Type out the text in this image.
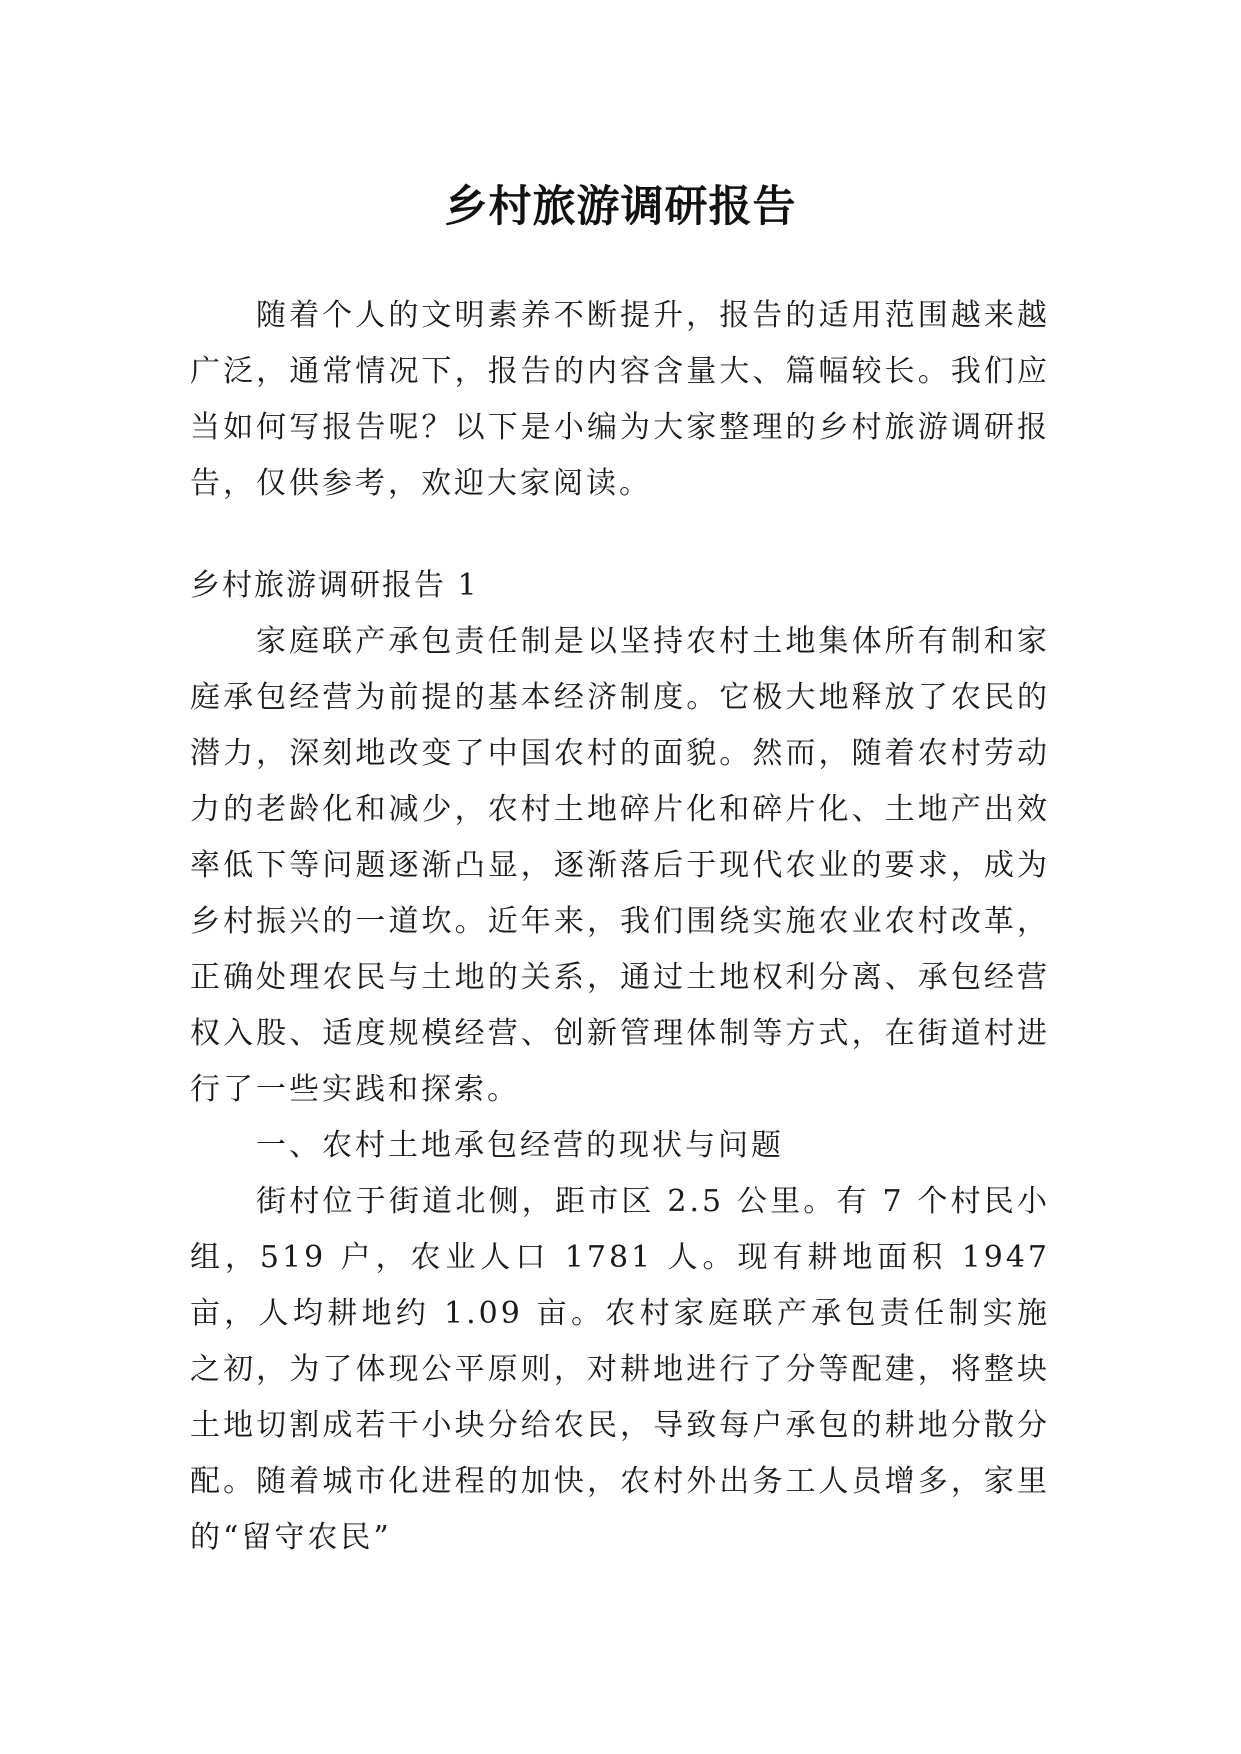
乡村旅游调研报告

随着个人的文明素养不断提升，报告的适用范围越来越广泛，通常情况下，报告的内容含量大、篇幅较长。我们应当如何写报告呢？以下是小编为大家整理的乡村旅游调研报告，仅供参考，欢迎大家阅读。

乡村旅游调研报告 1

家庭联产承包责任制是以坚持农村土地集体所有制和家庭承包经营为前提的基本经济制度。它极大地释放了农民的潜力，深刻地改变了中国农村的面貌。然而，随着农村劳动力的老龄化和减少，农村土地碎片化和碎片化、土地产出效率低下等问题逐渐凸显，逐渐落后于现代农业的要求，成为乡村振兴的一道坎。近年来，我们围绕实施农业农村改革，正确处理农民与土地的关系，通过土地权利分离、承包经营权入股、适度规模经营、创新管理体制等方式，在街道村进行了一些实践和探索。

一、农村土地承包经营的现状与问题

街村位于街道北侧，距市区 2.5 公里。有 7 个村民小组，519 户，农业人口 1781 人。现有耕地面积 1947 亩，人均耕地约 1.09 亩。农村家庭联产承包责任制实施之初，为了体现公平原则，对耕地进行了分等配建，将整块土地切割成若干小块分给农民，导致每户承包的耕地分散分配。随着城市化进程的加快，农村外出务工人员增多，家里的“留守农民”
